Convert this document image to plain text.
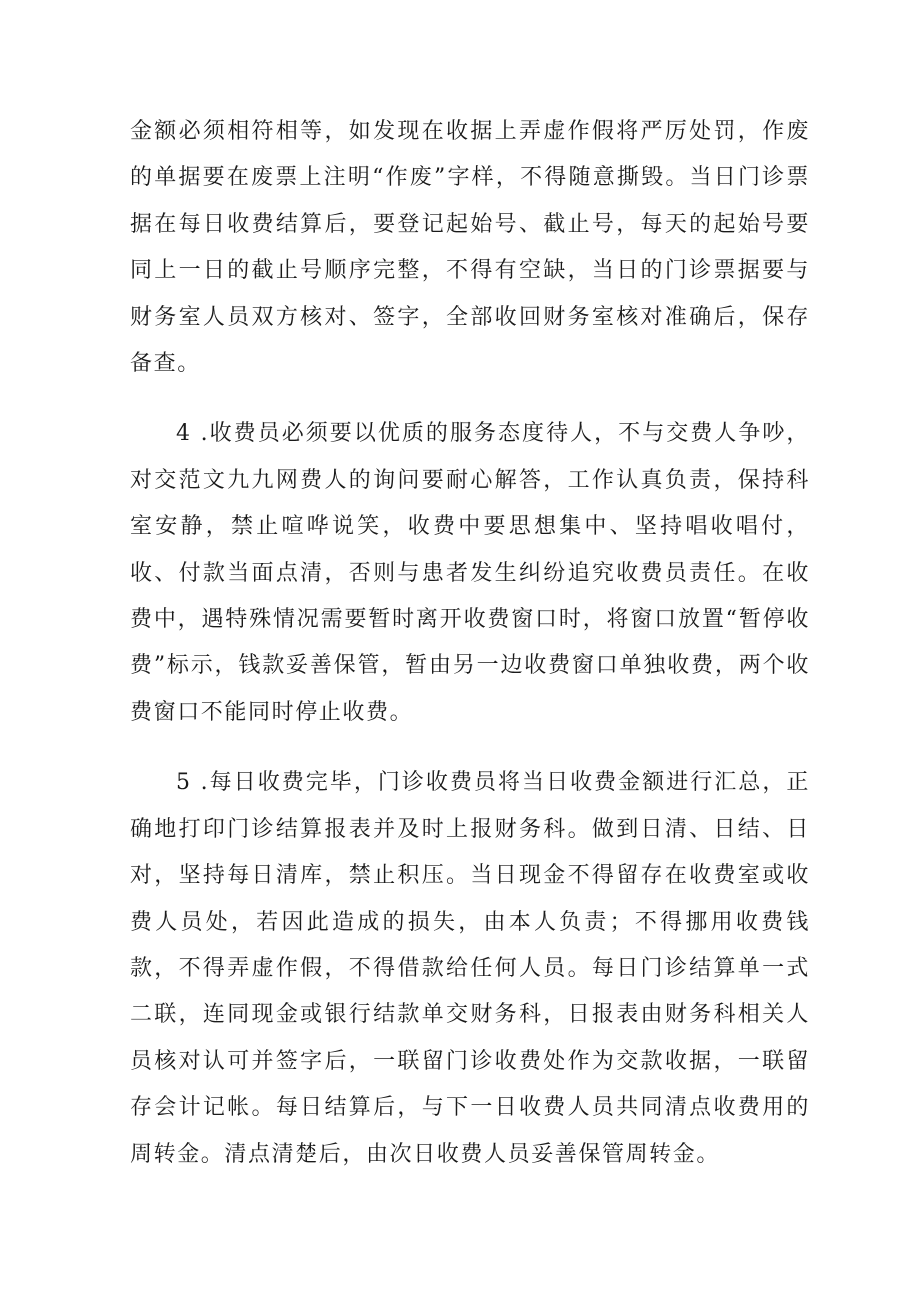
金额必须相符相等，如发现在收据上弄虚作假将严厉处罚，作废的单据要在废票上注明“作废”字样，不得随意撕毁。当日门诊票据在每日收费结算后，要登记起始号、截止号，每天的起始号要同上一日的截止号顺序完整，不得有空缺，当日的门诊票据要与财务室人员双方核对、签字，全部收回财务室核对准确后，保存备查。

4 .收费员必须要以优质的服务态度待人，不与交费人争吵，对交范文九九网费人的询问要耐心解答，工作认真负责，保持科室安静，禁止喧哗说笑，收费中要思想集中、坚持唱收唱付，收、付款当面点清，否则与患者发生纠纷追究收费员责任。在收费中，遇特殊情况需要暂时离开收费窗口时，将窗口放置“暂停收费”标示，钱款妥善保管，暂由另一边收费窗口单独收费，两个收费窗口不能同时停止收费。

5 .每日收费完毕，门诊收费员将当日收费金额进行汇总，正确地打印门诊结算报表并及时上报财务科。做到日清、日结、日对，坚持每日清库，禁止积压。当日现金不得留存在收费室或收费人员处，若因此造成的损失，由本人负责；不得挪用收费钱款，不得弄虚作假，不得借款给任何人员。每日门诊结算单一式二联，连同现金或银行结款单交财务科，日报表由财务科相关人员核对认可并签字后，一联留门诊收费处作为交款收据，一联留存会计记帐。每日结算后，与下一日收费人员共同清点收费用的周转金。清点清楚后，由次日收费人员妥善保管周转金。
